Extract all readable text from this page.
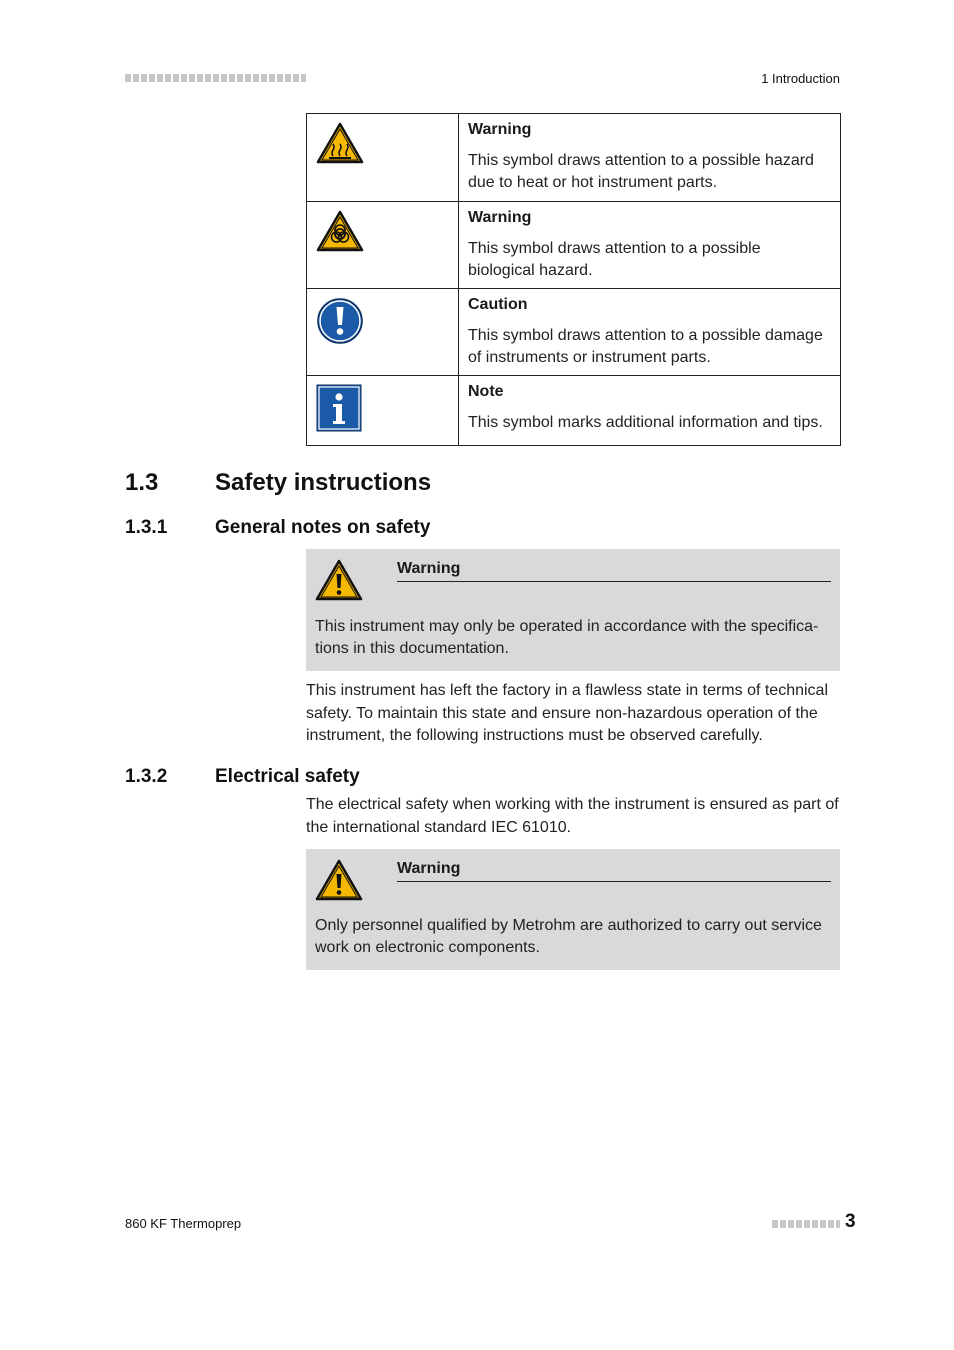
1 Introduction

Warning
This symbol draws attention to a possible hazard due to heat or hot instrument parts.

Warning
This symbol draws attention to a possible biological hazard.

Caution
This symbol draws attention to a possible damage of instruments or instrument parts.

Note
This symbol marks additional information and tips.
1.3 Safety instructions
1.3.1	General notes on safety
Warning
This instrument may only be operated in accordance with the specifica-tions in this documentation.
This instrument has left the factory in a flawless state in terms of technical safety. To maintain this state and ensure non-hazardous operation of the instrument, the following instructions must be observed carefully.
1.3.2	Electrical safety
The electrical safety when working with the instrument is ensured as part of the international standard IEC 61010.
Warning
Only personnel qualified by Metrohm are authorized to carry out service work on electronic components.
860 KF Thermoprep	3
